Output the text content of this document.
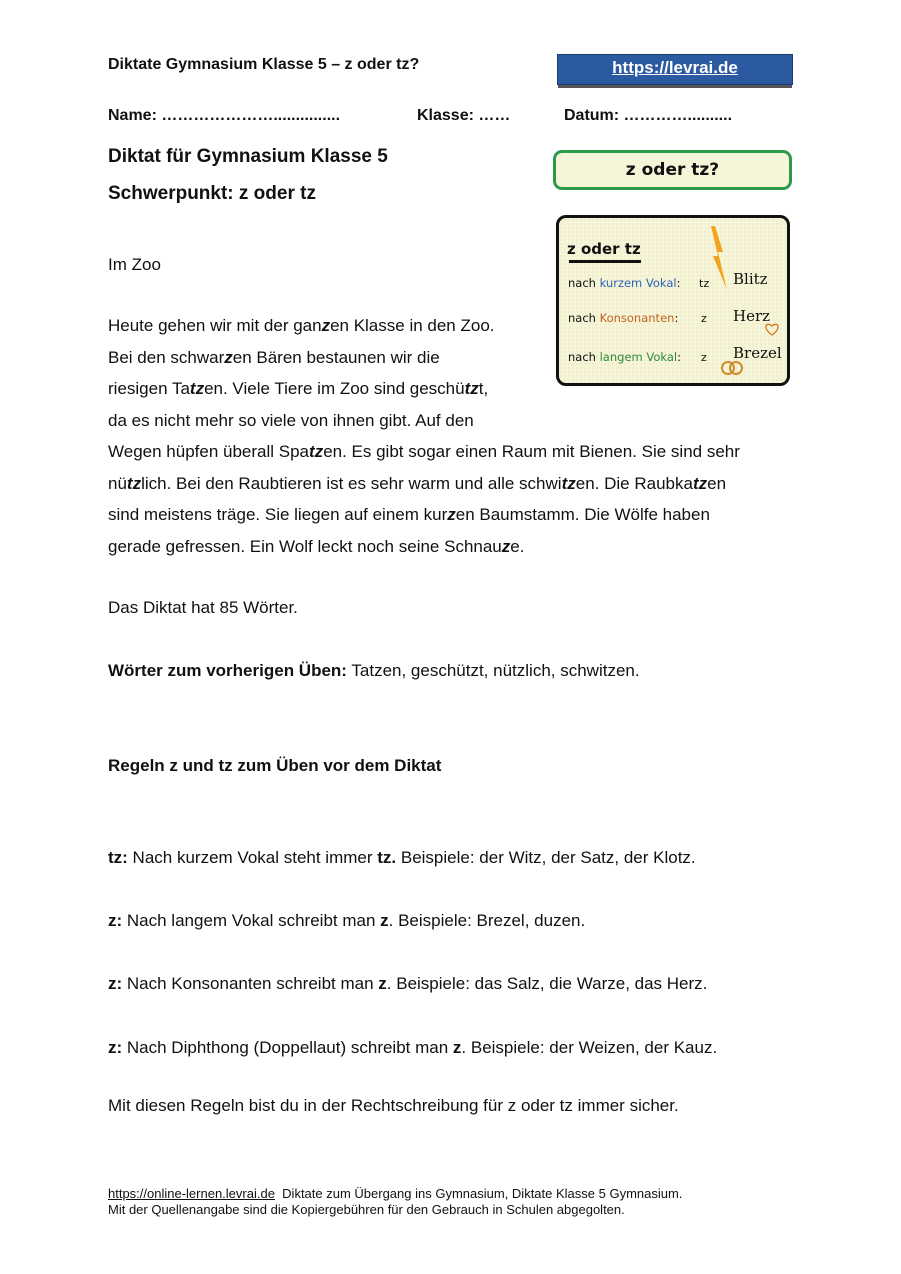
Diktate Gymnasium Klasse 5 – z oder tz?	https://levrai.de
Name: …………………...............	Klasse: ……	Datum: …………..........
Diktat für Gymnasium Klasse 5
Schwerpunkt: z oder tz
z oder tz?
z oder tz
nach kurzem Vokal: tz Blitz
nach Konsonanten: z Herz
nach langem Vokal: z Brezel
Im Zoo
Heute gehen wir mit der ganzen Klasse in den Zoo.
Bei den schwarzen Bären bestaunen wir die
riesigen Tatzen. Viele Tiere im Zoo sind geschützt,
da es nicht mehr so viele von ihnen gibt. Auf den
Wegen hüpfen überall Spatzen. Es gibt sogar einen Raum mit Bienen. Sie sind sehr
nützlich. Bei den Raubtieren ist es sehr warm und alle schwitzen. Die Raubkatzen
sind meistens träge. Sie liegen auf einem kurzen Baumstamm. Die Wölfe haben
gerade gefressen. Ein Wolf leckt noch seine Schnauze.
Das Diktat hat 85 Wörter.
Wörter zum vorherigen Üben: Tatzen, geschützt, nützlich, schwitzen.
Regeln z und tz zum Üben vor dem Diktat
tz: Nach kurzem Vokal steht immer tz. Beispiele: der Witz, der Satz, der Klotz.
z: Nach langem Vokal schreibt man z. Beispiele: Brezel, duzen.
z: Nach Konsonanten schreibt man z. Beispiele: das Salz, die Warze, das Herz.
z: Nach Diphthong (Doppellaut) schreibt man z. Beispiele: der Weizen, der Kauz.
Mit diesen Regeln bist du in der Rechtschreibung für z oder tz immer sicher.
https://online-lernen.levrai.de  Diktate zum Übergang ins Gymnasium, Diktate Klasse 5 Gymnasium.
Mit der Quellenangabe sind die Kopiergebühren für den Gebrauch in Schulen abgegolten.
